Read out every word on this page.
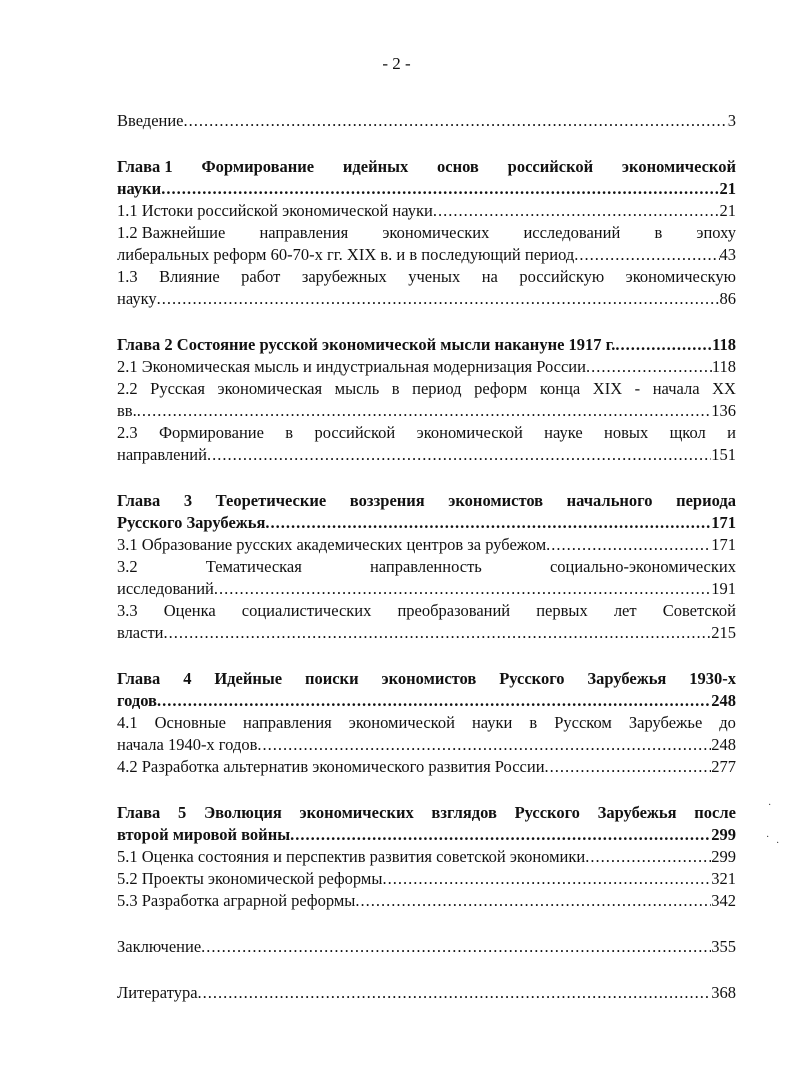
- 2 -
Введение .....	3
Глава 1 Формирование идейных основ российской экономической
науки .....	21
1.1 Истоки российской экономической науки .....	21
1.2 Важнейшие направления экономических исследований в эпоху
либеральных реформ 60-70-х гг. XIX в. и в последующий период .....	43
1.3 Влияние работ зарубежных ученых на российскую экономическую
науку .....	86
Глава 2 Состояние русской экономической мысли накануне 1917 г. .....	118
2.1 Экономическая мысль и индустриальная модернизация России .....	118
2.2 Русская экономическая мысль в период реформ конца XIX - начала XX
вв. .....	136
2.3 Формирование в российской экономической науке новых щкол и
направлений .....	151
Глава 3 Теоретические воззрения экономистов начального периода
Русского Зарубежья .....	171
3.1 Образование русских академических центров за рубежом .....	171
3.2	Тематическая	направленность	социально-экономических
исследований .....	191
3.3 Оценка социалистических преобразований первых лет Советской
власти .....	215
Глава 4 Идейные поиски экономистов Русского Зарубежья 1930-х
годов .....	248
4.1 Основные направления экономической науки в Русском Зарубежье до
начала 1940-х годов .....	248
4.2 Разработка альтернатив экономического развития России .....	277
Глава 5 Эволюция экономических взглядов Русского Зарубежья после
второй мировой войны .....	299
5.1 Оценка состояния и перспектив развития советской экономики .....	299
5.2 Проекты экономической реформы .....	321
5.3 Разработка аграрной реформы .....	342
Заключение .....	355
Литература .....	368
·
·
·
